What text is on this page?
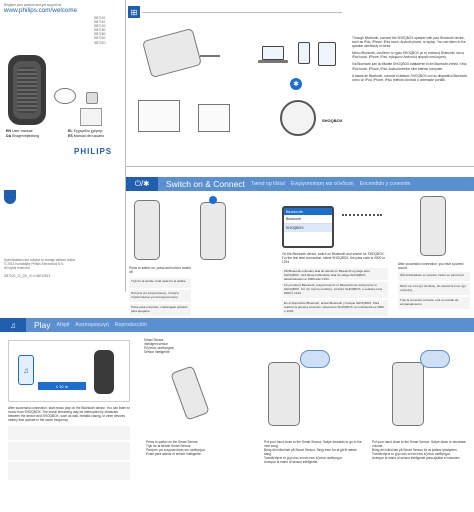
Register your product and get support at
www.philips.com/welcome
SB7100
SB7110
SB7120
SB7150
SB7180
SB7200
SB7220
EN User manual
DA Brugervejledning
EL Εγχειρίδιο χρήσης
ES Manual del usuario
PHILIPS
Specifications are subject to change without notice
© 2013 Koninklijke Philips Electronics N.V.
All rights reserved.
SB7100_12_QS_V1.b WK13513
⊞
✱
SHOQBOX
Through Bluetooth, connect the SHOQBOX speaker with your Bluetooth device, such as iPod, iPhone, iPad touch, Android phone, or laptop. You can listen to the speaker wirelessly or wired.
Μέσω Bluetooth, συνδέστε το ηχείο SHOQBOX με τη συσκευή Bluetooth, όπως iPod touch, iPhone, iPad, τηλέφωνο Android ή φορητό υπολογιστή.
Via Bluetooth kan du tilslutte SHOQBOX-højttaleren til din Bluetooth-enhed, f.eks. iPod touch, iPhone, iPad, Android-telefon eller bærbar computer.
A través de Bluetooth, conecte el altavoz SHOQBOX con su dispositivo Bluetooth, como un iPod, iPhone, iPad, teléfono Android u ordenador portátil.
⏻/✱	Switch on & Connect Tænd og tilslut Ενεργοποίηση και σύνδεση Encendido y conexión
Press to switch on, press and hold to switch off.
Tryk for at tænde, hold nede for at slukke.
Πατήστε για ενεργοποίηση, πατήστε παρατεταμένα για απενεργοποίηση.
Pulse para encender; manténgalo pulsado para apagarlo.
Bluetooth
Bluetooth
SHOQBOX
On the Bluetooth device, switch on Bluetooth and search for SHOQBOX. For the first time connection, select SHOQBOX, the pass code is 0000 or 1234.
På Bluetooth-enheden skal du tænde for Bluetooth og søge efter SHOQBOX. Ved første forbindelse skal du vælge SHOQBOX, adgangskoden er 0000 eller 1234.
Στη συσκευή Bluetooth, ενεργοποιήστε το Bluetooth και αναζητήστε το SHOQBOX. Για την πρώτη σύνδεση, επιλέξτε SHOQBOX, ο κωδικός είναι 0000 ή 1234.
En el dispositivo Bluetooth, active Bluetooth y busque SHOQBOX. Para realizar la primera conexión, seleccione SHOQBOX, la contraseña es 0000 o 1234.
After successful connection, you hear a paired sound.
Når forbindelsen er oprettet, høres en parret lyd.
Μετά την επιτυχή σύνδεση, θα ακούσετε έναν ήχο σύζευξης.
Tras la conexión correcta, oirá un sonido de emparejamiento.
♫	Play Afspil Αναπαραγωγή Reproducción
♫
≤ 10 m
After successful connection, start music play on the Bluetooth device. You can listen to music from SHOQBOX. The music streaming may be interrupted by obstacles between the device and SHOQBOX, such as wall, metallic casing, or other devices nearby that operate in the same frequency.
Smart Sensor
Intelligent sensor
Έξυπνος αισθητήρας
Sensor inteligente
Press to switch on the Smart Sensor.
Tryk for at tænde Smart Sensor.
Πατήστε για ενεργοποίηση του αισθητήρα.
Pulse para activar el sensor inteligente.
Put your hand close to the Smart Sensor. Swipe forwards to go to the next song.
Bring din hånd tæt på Smart Sensor. Stryg frem for at gå til næste sang.
Τοποθετήστε το χέρι σας κοντά στον έξυπνο αισθητήρα.
Acerque la mano al sensor inteligente.
Put your hand close to the Smart Sensor. Swipe down to decrease volume.
Bring din hånd tæt på Smart Sensor for at justere lydstyrken.
Τοποθετήστε το χέρι σας κοντά στον έξυπνο αισθητήρα.
Acerque la mano al sensor inteligente para ajustar el volumen.
